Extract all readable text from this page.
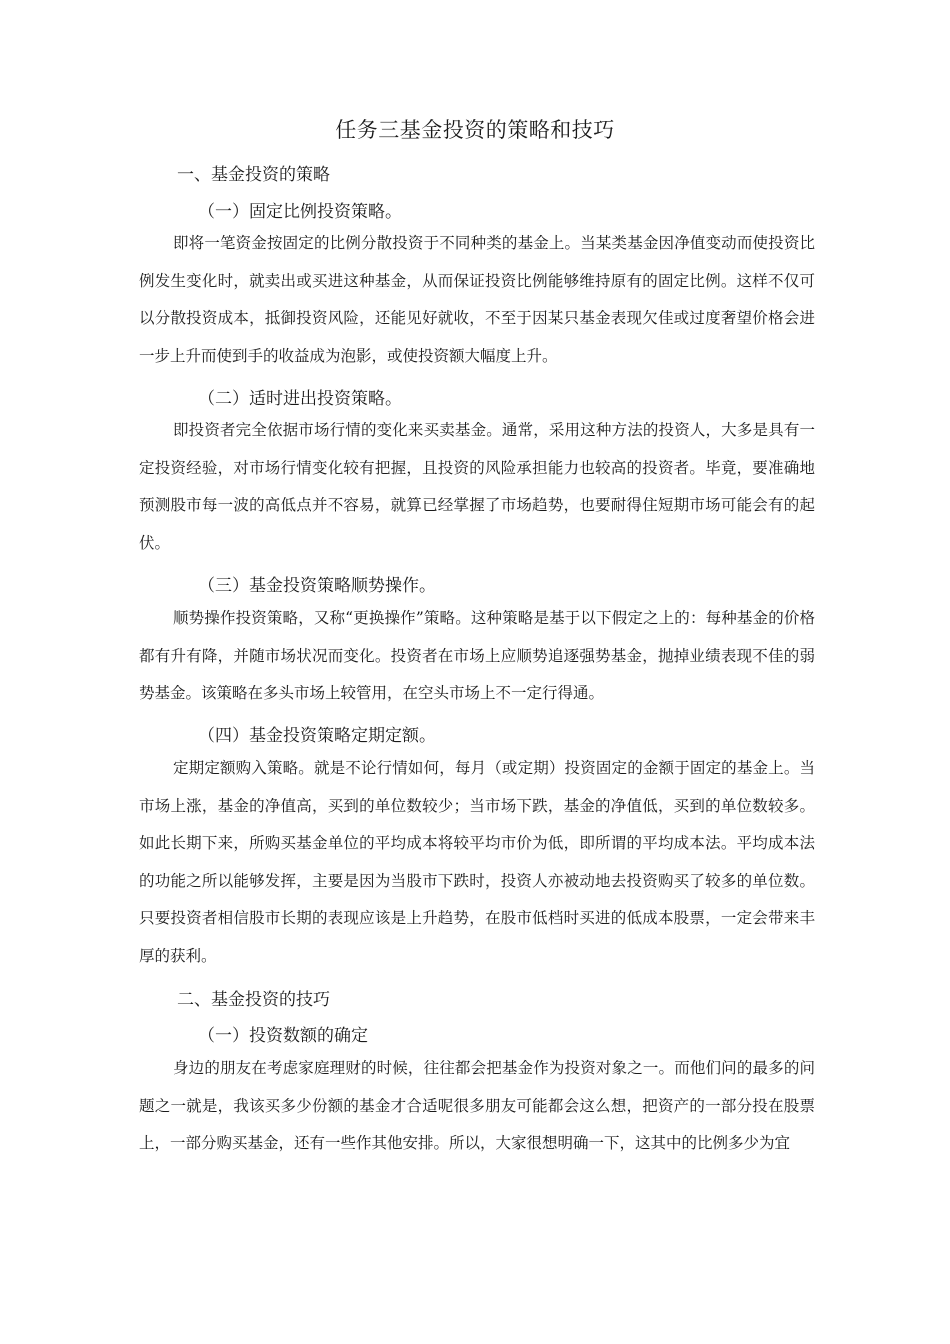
任务三基金投资的策略和技巧
一、基金投资的策略
（一）固定比例投资策略。
即将一笔资金按固定的比例分散投资于不同种类的基金上。当某类基金因净值变动而使投资比例发生变化时，就卖出或买进这种基金，从而保证投资比例能够维持原有的固定比例。这样不仅可以分散投资成本，抵御投资风险，还能见好就收，不至于因某只基金表现欠佳或过度奢望价格会进一步上升而使到手的收益成为泡影，或使投资额大幅度上升。
（二）适时进出投资策略。
即投资者完全依据市场行情的变化来买卖基金。通常，采用这种方法的投资人，大多是具有一定投资经验，对市场行情变化较有把握，且投资的风险承担能力也较高的投资者。毕竟，要准确地预测股市每一波的高低点并不容易，就算已经掌握了市场趋势，也要耐得住短期市场可能会有的起伏。
（三）基金投资策略顺势操作。
顺势操作投资策略，又称“更换操作”策略。这种策略是基于以下假定之上的：每种基金的价格都有升有降，并随市场状况而变化。投资者在市场上应顺势追逐强势基金，抛掉业绩表现不佳的弱势基金。该策略在多头市场上较管用，在空头市场上不一定行得通。
（四）基金投资策略定期定额。
定期定额购入策略。就是不论行情如何，每月（或定期）投资固定的金额于固定的基金上。当市场上涨，基金的净值高，买到的单位数较少；当市场下跌，基金的净值低，买到的单位数较多。如此长期下来，所购买基金单位的平均成本将较平均市价为低，即所谓的平均成本法。平均成本法的功能之所以能够发挥，主要是因为当股市下跌时，投资人亦被动地去投资购买了较多的单位数。只要投资者相信股市长期的表现应该是上升趋势，在股市低档时买进的低成本股票，一定会带来丰厚的获利。
二、基金投资的技巧
（一）投资数额的确定
身边的朋友在考虑家庭理财的时候，往往都会把基金作为投资对象之一。而他们问的最多的问题之一就是，我该买多少份额的基金才合适呢很多朋友可能都会这么想，把资产的一部分投在股票上，一部分购买基金，还有一些作其他安排。所以，大家很想明确一下，这其中的比例多少为宜
